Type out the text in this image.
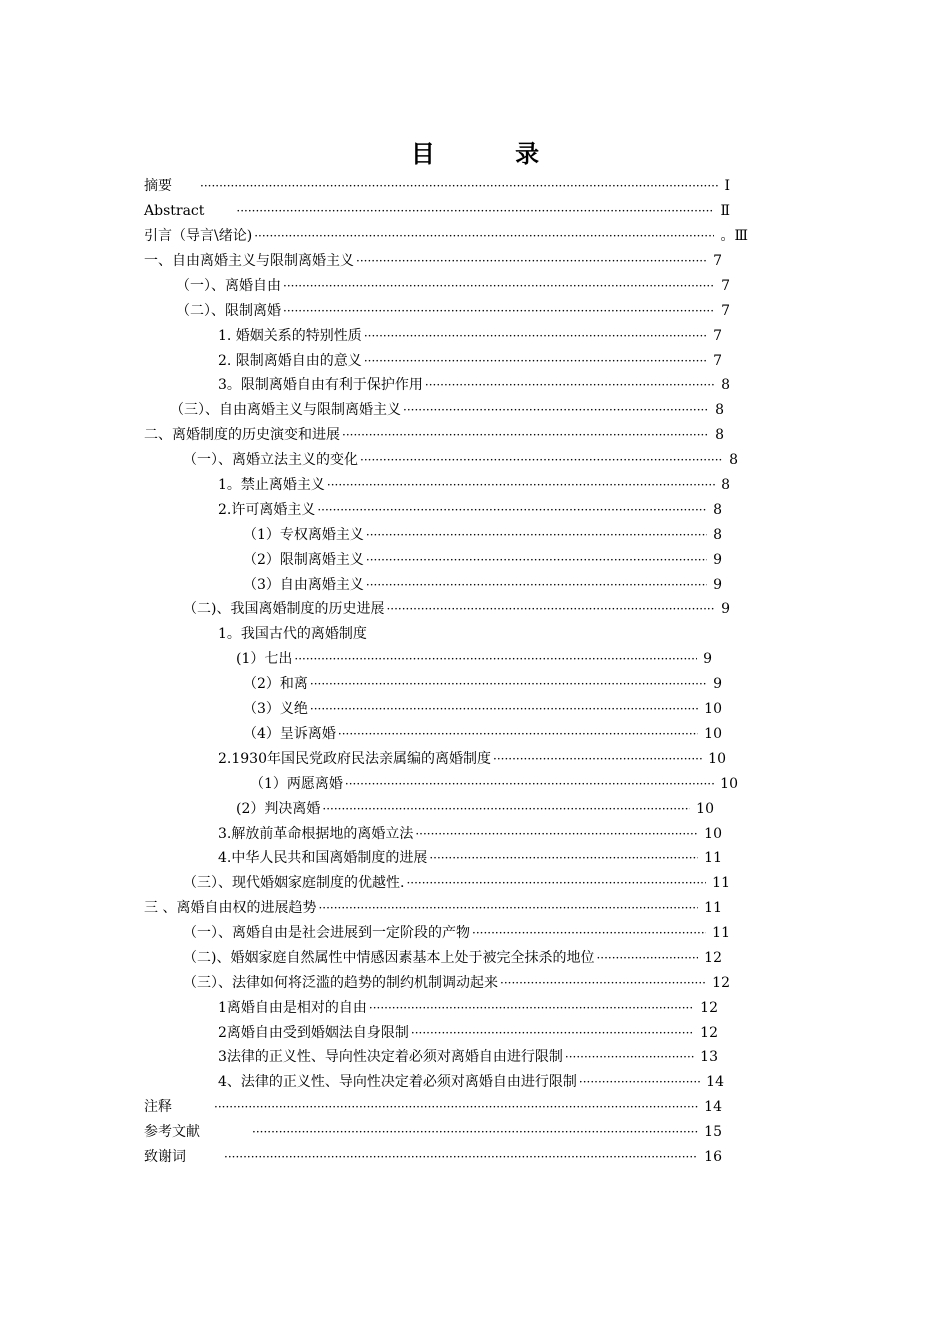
目 录
摘要 ·····	Ⅰ
Abstract ·····	Ⅱ
引言（导言\绪论) ·····	。Ⅲ
一、自由离婚主义与限制离婚主义 ·····	7
（一）、离婚自由 ·····	7
（二）、限制离婚 ·····	7
1. 婚姻关系的特别性质 ·····	7
2. 限制离婚自由的意义 ·····	7
3。限制离婚自由有利于保护作用 ·····	8
（三）、自由离婚主义与限制离婚主义 ·····	8
二、离婚制度的历史演变和进展 ·····	8
（一）、离婚立法主义的变化 ·····	8
1。禁止离婚主义 ·····	8
2.许可离婚主义 ·····	8
（1）专权离婚主义 ·····	8
（2）限制离婚主义 ·····	9
（3）自由离婚主义 ·····	9
（二)、我国离婚制度的历史进展 ·····	9
1。我国古代的离婚制度
(1）七出 ·····	9
（2）和离 ·····	9
（3）义绝 ·····	10
（4）呈诉离婚 ·····	10
2.1930年国民党政府民法亲属编的离婚制度 ·····	10
（1）两愿离婚 ·····	10
(2）判决离婚 ·····	10
3.解放前革命根据地的离婚立法 ·····	10
4.中华人民共和国离婚制度的进展 ·····	11
（三）、现代婚姻家庭制度的优越性. ·····	11
三 、离婚自由权的进展趋势 ·····	11
（一）、离婚自由是社会进展到一定阶段的产物 ·····	11
（二)、婚姻家庭自然属性中情感因素基本上处于被完全抹杀的地位 ·····	12
（三）、法律如何将泛滥的趋势的制约机制调动起来 ·····	12
1离婚自由是相对的自由 ·····	12
2离婚自由受到婚姻法自身限制 ·····	12
3法律的正义性、导向性决定着必须对离婚自由进行限制 ·····	13
4、法律的正义性、导向性决定着必须对离婚自由进行限制 ·····	14
注释 ·····	14
参考文献 ·····	15
致谢词 ·····	16
